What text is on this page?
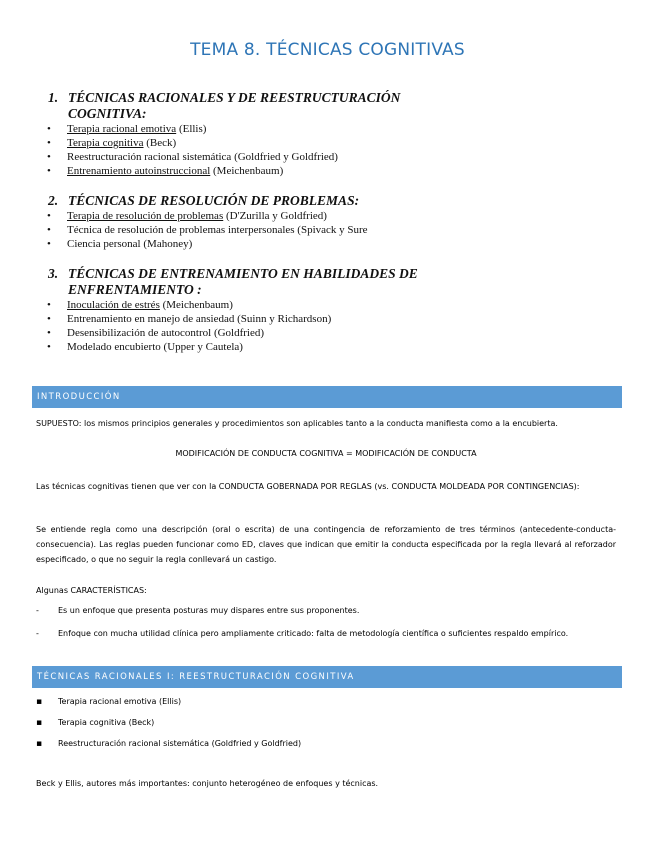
TEMA 8. TÉCNICAS COGNITIVAS
1. TÉCNICAS RACIONALES Y DE REESTRUCTURACIÓN COGNITIVA:
• Terapia racional emotiva (Ellis)
• Terapia cognitiva (Beck)
• Reestructuración racional sistemática (Goldfried y Goldfried)
• Entrenamiento autoinstruccional (Meichenbaum)
2. TÉCNICAS DE RESOLUCIÓN DE PROBLEMAS:
• Terapia de resolución de problemas (D'Zurilla y Goldfried)
• Técnica de resolución de problemas interpersonales (Spivack y Sure
• Ciencia personal (Mahoney)
3. TÉCNICAS DE ENTRENAMIENTO EN HABILIDADES DE ENFRENTAMIENTO :
• Inoculación de estrés (Meichenbaum)
• Entrenamiento en manejo de ansiedad (Suinn y Richardson)
• Desensibilización de autocontrol (Goldfried)
• Modelado encubierto (Upper y Cautela)
INTRODUCCIÓN
SUPUESTO: los mismos principios generales y procedimientos son aplicables tanto a la conducta manifiesta como a la encubierta.
MODIFICACIÓN DE CONDUCTA COGNITIVA = MODIFICACIÓN DE CONDUCTA
Las técnicas cognitivas tienen que ver con la CONDUCTA GOBERNADA POR REGLAS (vs. CONDUCTA MOLDEADA POR CONTINGENCIAS):
Se entiende regla como una descripción (oral o escrita) de una contingencia de reforzamiento de tres términos (antecedente-conducta-consecuencia). Las reglas pueden funcionar como ED, claves que indican que emitir la conducta especificada por la regla llevará al reforzador especificado, o que no seguir la regla conllevará un castigo.
Algunas CARACTERÍSTICAS:
- Es un enfoque que presenta posturas muy dispares entre sus proponentes.
- Enfoque con mucha utilidad clínica pero ampliamente criticado: falta de metodología científica o suficientes respaldo empírico.
TÉCNICAS RACIONALES I: REESTRUCTURACIÓN COGNITIVA
▪ Terapia racional emotiva (Ellis)
▪ Terapia cognitiva (Beck)
▪ Reestructuración racional sistemática (Goldfried y Goldfried)
Beck y Ellis, autores más importantes: conjunto heterogéneo de enfoques y técnicas.
